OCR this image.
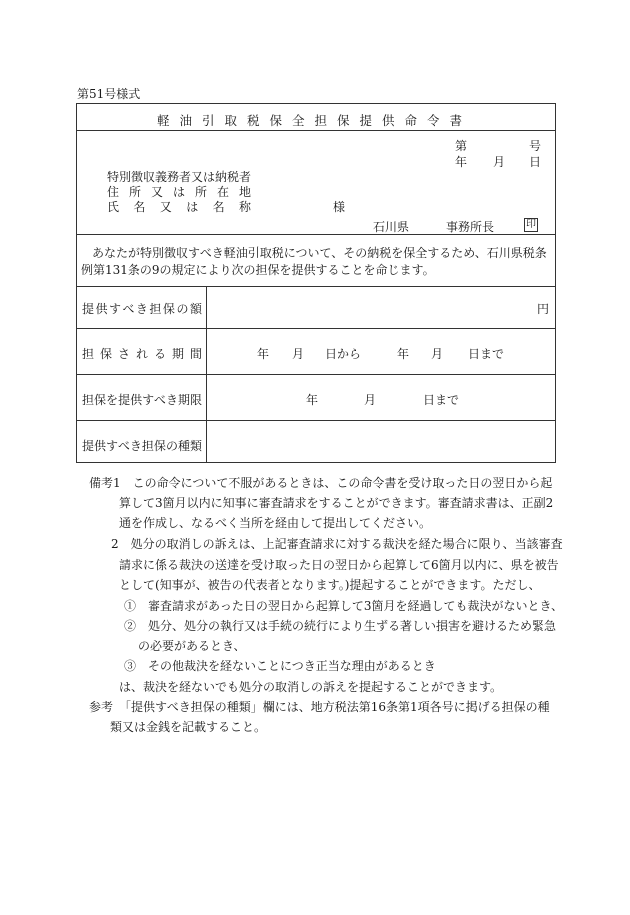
第51号様式
軽油引取税保全担保提供命令書
第	号
年 月 日
特別徴収義務者又は納税者
住所又は所在地
氏名又は名称	様
石川県	事務所長	印
あなたが特別徴収すべき軽油引取税について、その納税を保全するため、石川県税条
例第131条の9の規定により次の担保を提供することを命じます。
提供すべき担保の額	円
担保される期間	年 月 日から	年 月 日まで
担保を提供すべき期限	年	月	日まで
提供すべき担保の種類
備考1　この命令について不服があるときは、この命令書を受け取った日の翌日から起
算して3箇月以内に知事に審査請求をすることができます。審査請求書は、正副2
通を作成し、なるべく当所を経由して提出してください。
2　処分の取消しの訴えは、上記審査請求に対する裁決を経た場合に限り、当該審査
請求に係る裁決の送達を受け取った日の翌日から起算して6箇月以内に、県を被告
として(知事が、被告の代表者となります。)提起することができます。ただし、
①　審査請求があった日の翌日から起算して3箇月を経過しても裁決がないとき、
②　処分、処分の執行又は手続の続行により生ずる著しい損害を避けるため緊急
の必要があるとき、
③　その他裁決を経ないことにつき正当な理由があるとき
は、裁決を経ないでも処分の取消しの訴えを提起することができます。
参考　「提供すべき担保の種類」欄には、地方税法第16条第1項各号に掲げる担保の種
類又は金銭を記載すること。
